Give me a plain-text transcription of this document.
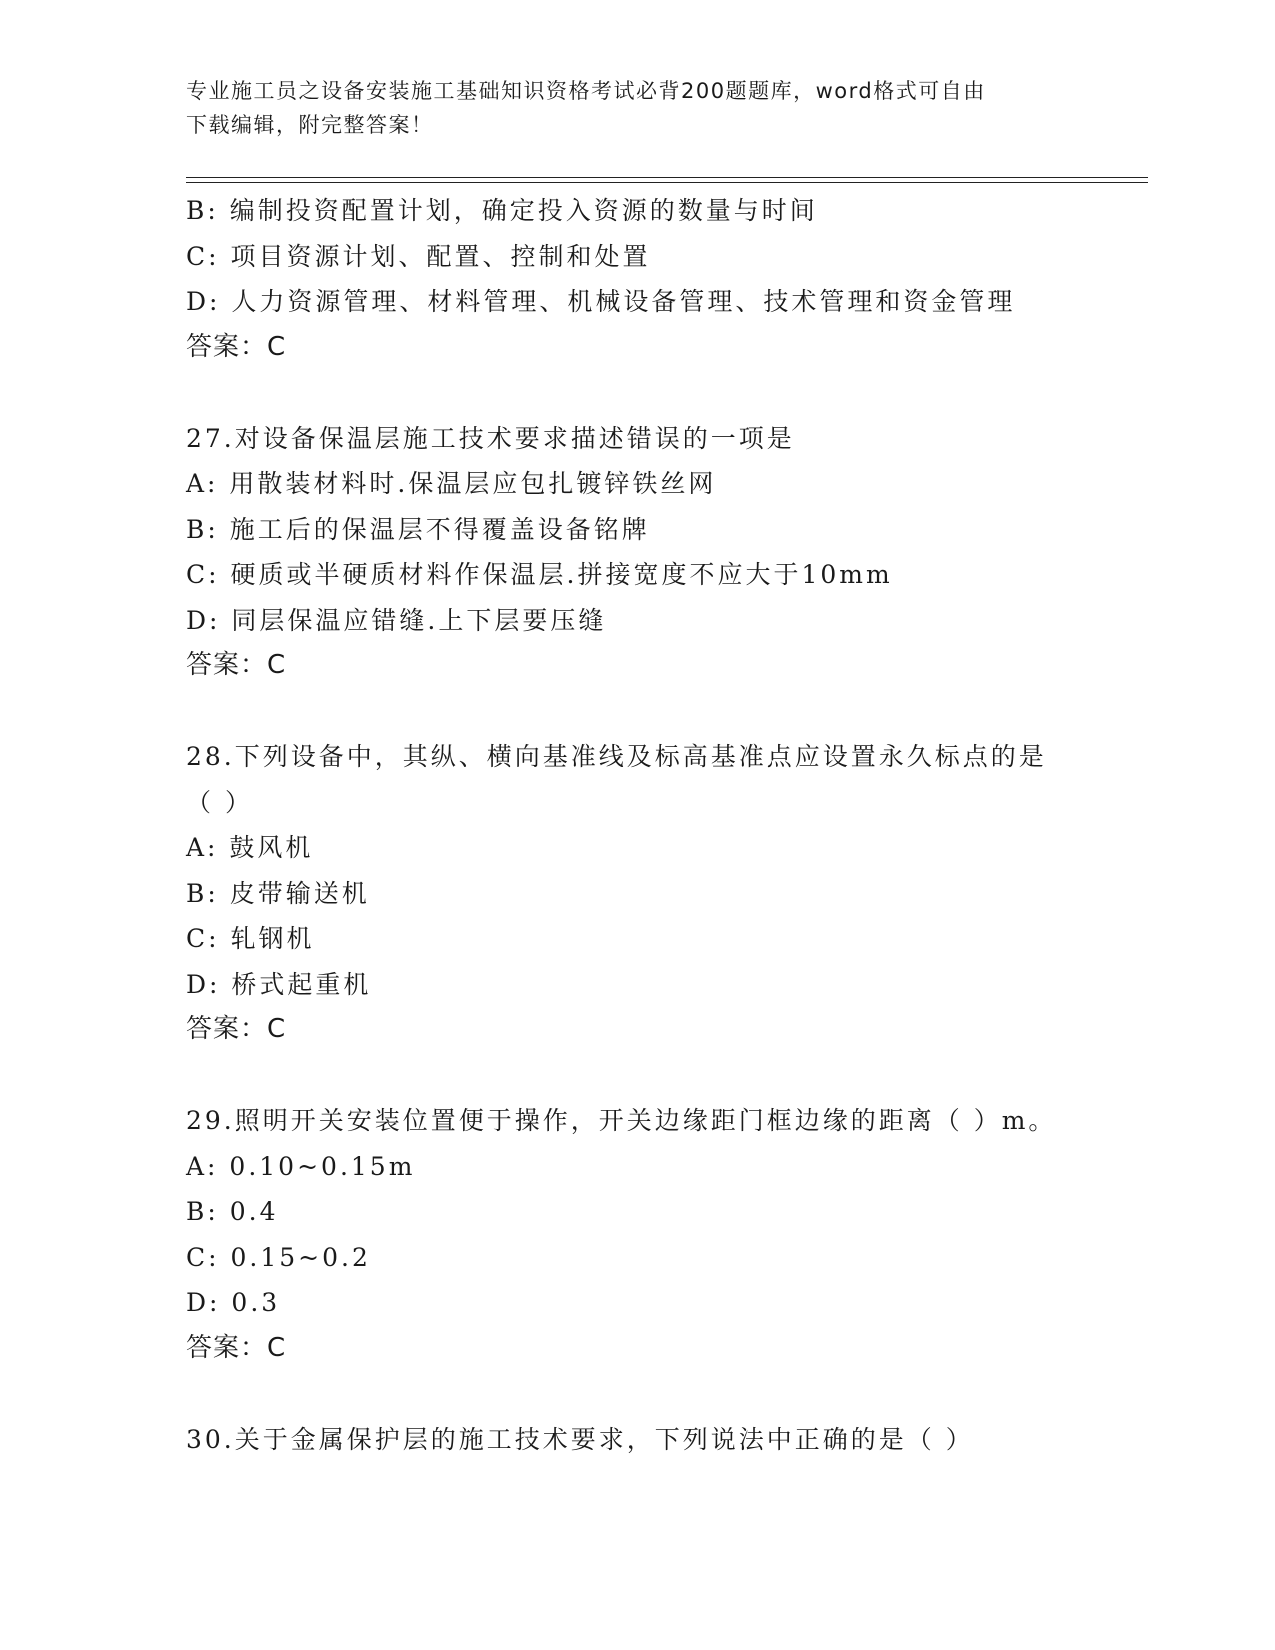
专业施工员之设备安装施工基础知识资格考试必背200题题库，word格式可自由
下载编辑，附完整答案！
B: 编制投资配置计划，确定投入资源的数量与时间
C: 项目资源计划、配置、控制和处置
D: 人力资源管理、材料管理、机械设备管理、技术管理和资金管理
答案：C
27.对设备保温层施工技术要求描述错误的一项是
A: 用散装材料时.保温层应包扎镀锌铁丝网
B: 施工后的保温层不得覆盖设备铭牌
C: 硬质或半硬质材料作保温层.拼接宽度不应大于10mm
D: 同层保温应错缝.上下层要压缝
答案：C
28.下列设备中，其纵、横向基准线及标高基准点应设置永久标点的是
（ ）
A: 鼓风机
B: 皮带输送机
C: 轧钢机
D: 桥式起重机
答案：C
29.照明开关安装位置便于操作，开关边缘距门框边缘的距离（ ）m。
A: 0.10~0.15m
B: 0.4
C: 0.15~0.2
D: 0.3
答案：C
30.关于金属保护层的施工技术要求，下列说法中正确的是（ ）
